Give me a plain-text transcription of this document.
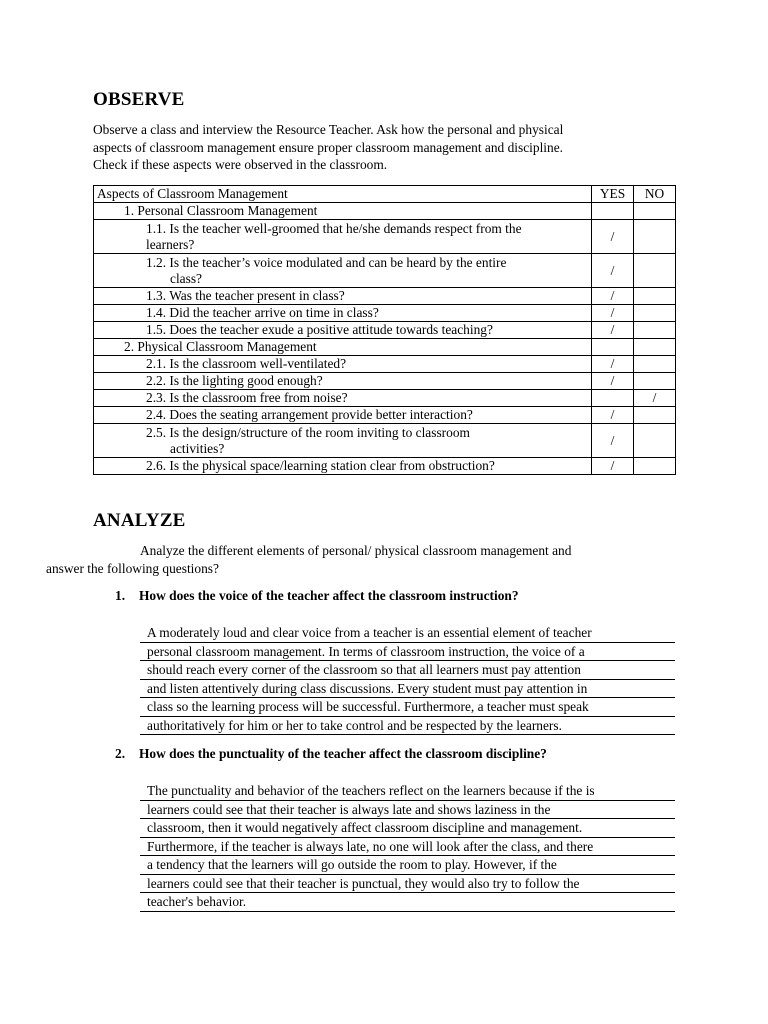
OBSERVE
Observe a class and interview the Resource Teacher. Ask how the personal and physical
aspects of classroom management ensure proper classroom management and discipline.
Check if these aspects were observed in the classroom.
Aspects of Classroom Management	YES	NO
1. Personal Classroom Management		

1.1. Is the teacher well-groomed that he/she demands respect from the
learners?	/	

1.2. Is the teacher’s voice modulated and can be heard by the entire
class?	/	
1.3. Was the teacher present in class?	/	
1.4. Did the teacher arrive on time in class?	/	
1.5. Does the teacher exude a positive attitude towards teaching?	/	
2. Physical Classroom Management		
2.1. Is the classroom well-ventilated?	/	
2.2. Is the lighting good enough?	/	
2.3. Is the classroom free from noise?		/
2.4. Does the seating arrangement provide better interaction?	/	

2.5. Is the design/structure of the room inviting to classroom
activities?	/	
2.6. Is the physical space/learning station clear from obstruction?	/	
ANALYZE
Analyze the different elements of personal/ physical classroom management and
answer the following questions?
1. How does the voice of the teacher affect the classroom instruction?
A moderately loud and clear voice from a teacher is an essential element of teacher
personal classroom management. In terms of classroom instruction, the voice of a
should reach every corner of the classroom so that all learners must pay attention
and listen attentively during class discussions. Every student must pay attention in
class so the learning process will be successful. Furthermore, a teacher must speak
authoritatively for him or her to take control and be respected by the learners.
2. How does the punctuality of the teacher affect the classroom discipline?
The punctuality and behavior of the teachers reflect on the learners because if the is
learners could see that their teacher is always late and shows laziness in the
classroom, then it would negatively affect classroom discipline and management.
Furthermore, if the teacher is always late, no one will look after the class, and there
a tendency that the learners will go outside the room to play. However, if the
learners could see that their teacher is punctual, they would also try to follow the
teacher's behavior.
